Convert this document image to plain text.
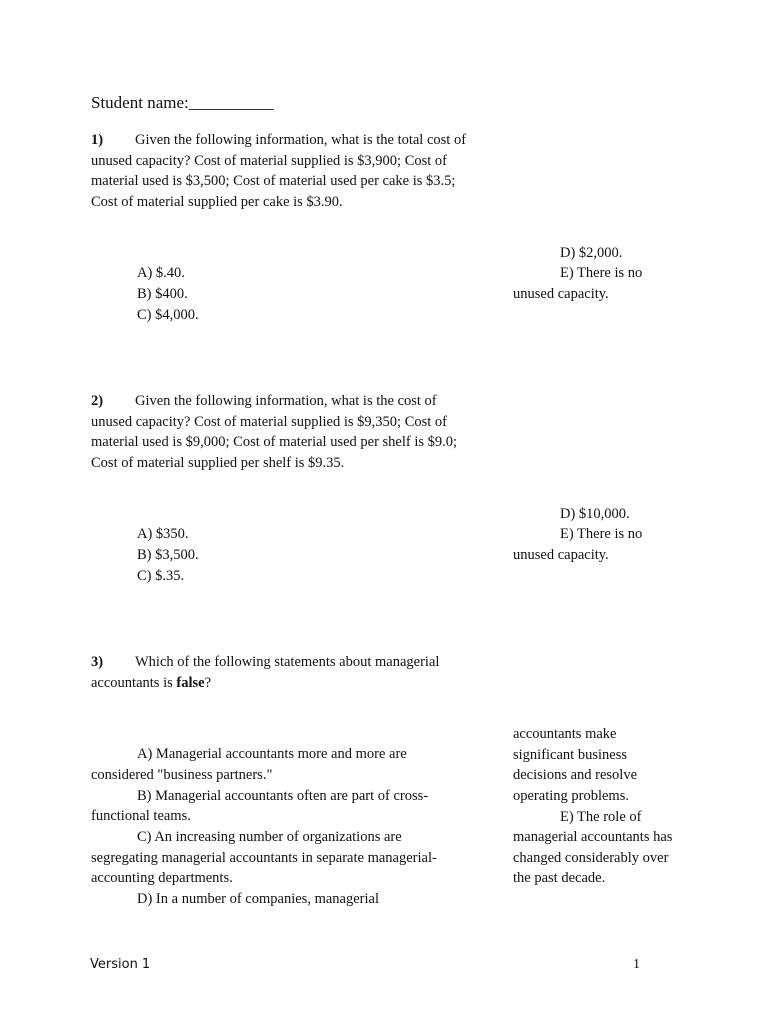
Student name:__________
1) Given the following information, what is the total cost of unused capacity? Cost of material supplied is $3,900; Cost of material used is $3,500; Cost of material used per cake is $3.5; Cost of material supplied per cake is $3.90.
A) $.40.
B) $400.
C) $4,000.
D) $2,000.
E) There is no
unused capacity.
2) Given the following information, what is the cost of unused capacity? Cost of material supplied is $9,350; Cost of material used is $9,000; Cost of material used per shelf is $9.0; Cost of material supplied per shelf is $9.35.
A) $350.
B) $3,500.
C) $.35.
D) $10,000.
E) There is no
unused capacity.
3) Which of the following statements about managerial accountants is false?
A) Managerial accountants more and more are
considered "business partners."
B) Managerial accountants often are part of cross-
functional teams.
C) An increasing number of organizations are
segregating managerial accountants in separate managerial-
accounting departments.
D) In a number of companies, managerial
accountants make
significant business
decisions and resolve
operating problems.
E) The role of
managerial accountants has
changed considerably over
the past decade.
Version 1	1
